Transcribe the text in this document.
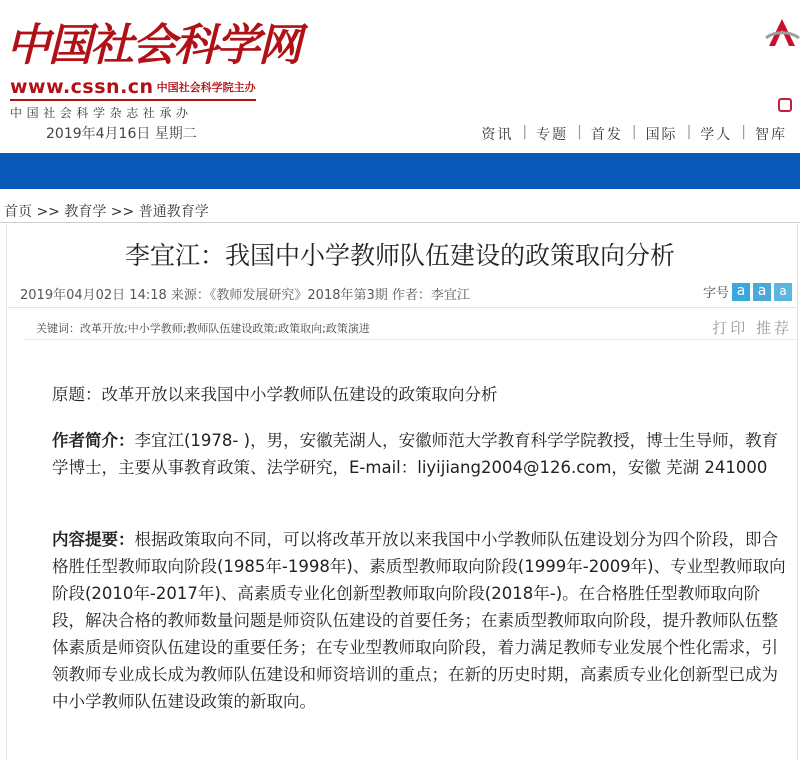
中国社会科学网
www.cssn.cn 中国社会科学院主办
中国社会科学杂志社承办
2019年4月16日 星期二	资讯 | 专题 | 首发 | 国际 | 学人 | 智库
首页 >> 教育学 >> 普通教育学
李宜江：我国中小学教师队伍建设的政策取向分析
2019年04月02日 14:18 来源：《教师发展研究》2018年第3期 作者：李宜江	字号 a a	a
关键词：改革开放;中小学教师;教师队伍建设政策;政策取向;政策演进	打印 推荐
原题：改革开放以来我国中小学教师队伍建设的政策取向分析
作者简介：李宜江(1978- )，男，安徽芜湖人，安徽师范大学教育科学学院教授，博士生导师，教育学博士，主要从事教育政策、法学研究，E-mail：liyijiang2004@126.com，安徽 芜湖 241000
内容提要：根据政策取向不同，可以将改革开放以来我国中小学教师队伍建设划分为四个阶段，即合格胜任型教师取向阶段(1985年-1998年)、素质型教师取向阶段(1999年-2009年)、专业型教师取向阶段(2010年-2017年)、高素质专业化创新型教师取向阶段(2018年-)。在合格胜任型教师取向阶段，解决合格的教师数量问题是师资队伍建设的首要任务；在素质型教师取向阶段，提升教师队伍整体素质是师资队伍建设的重要任务；在专业型教师取向阶段，着力满足教师专业发展个性化需求，引领教师专业成长成为教师队伍建设和师资培训的重点；在新的历史时期，高素质专业化创新型已成为中小学教师队伍建设政策的新取向。
